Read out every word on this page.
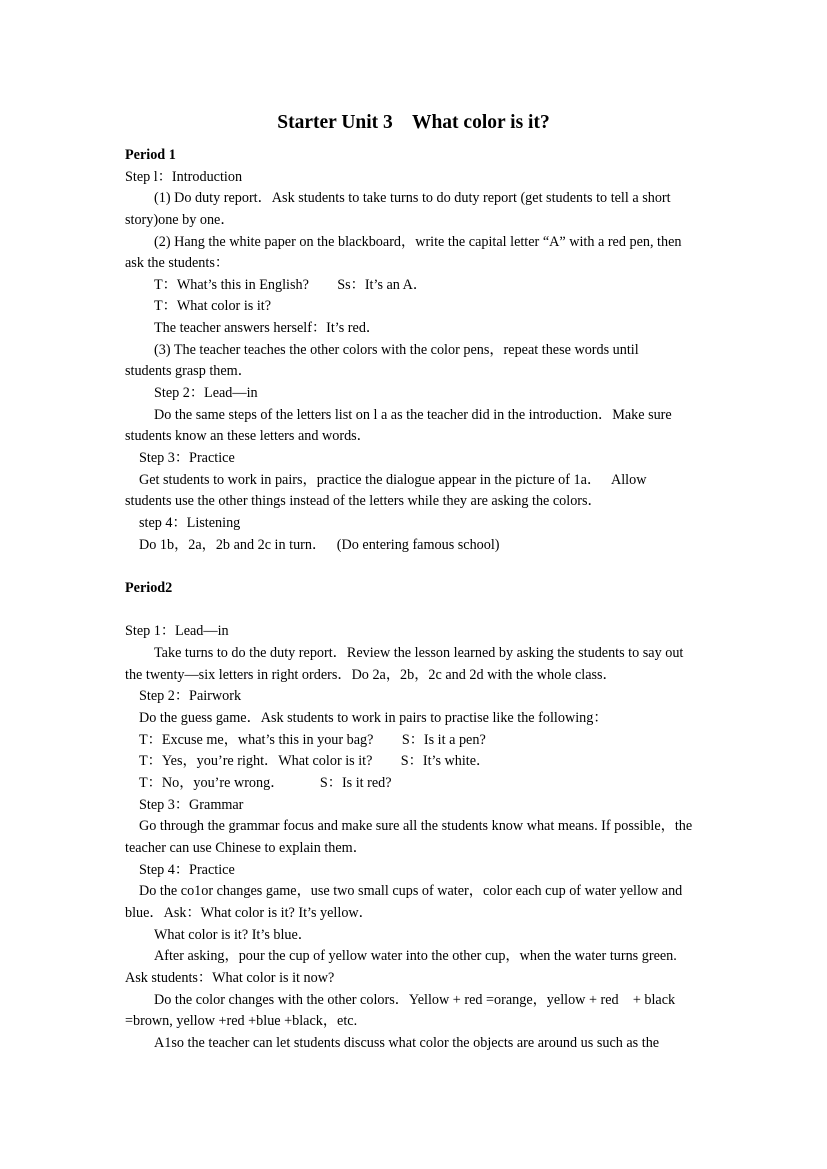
Starter Unit 3    What color is it?
Period 1
Step l：Introduction
(1) Do duty report．Ask students to take turns to do duty report (get students to tell a short
story)one by one．
(2) Hang the white paper on the blackboard，write the capital letter “A” with a red pen, then
ask the students：
T：What’s this in English?        Ss：It’s an A．
T：What color is it?
The teacher answers herself：It’s red．
(3) The teacher teaches the other colors with the color pens，repeat these words until
students grasp them．
Step 2：Lead—in
Do the same steps of the letters list on l a as the teacher did in the introduction．Make sure
students know an these letters and words．
Step 3：Practice
Get students to work in pairs，practice the dialogue appear in the picture of 1a．   Allow
students use the other things instead of the letters while they are asking the colors．
step 4：Listening
Do 1b，2a，2b and 2c in turn．   (Do entering famous school)
Period2
Step 1：Lead—in
Take turns to do the duty report．Review the lesson learned by asking the students to say out
the twenty—six letters in right orders．Do 2a，2b，2c and 2d with the whole class．
Step 2：Pairwork
Do the guess game．Ask students to work in pairs to practise like the following：
T：Excuse me，what’s this in your bag?        S：Is it a pen?
T：Yes，you’re right．What color is it?        S：It’s white．
T：No，you’re wrong．          S：Is it red?
Step 3：Grammar
Go through the grammar focus and make sure all the students know what means. If possible，the
teacher can use Chinese to explain them．
Step 4：Practice
Do the co1or changes game，use two small cups of water，color each cup of water yellow and
blue．Ask：What color is it? It’s yellow．
What color is it? It’s blue．
After asking，pour the cup of yellow water into the other cup，when the water turns green.
Ask students：What color is it now?
Do the color changes with the other colors．Yellow + red =orange，yellow + red    + black
=brown, yellow +red +blue +black，etc.
A1so the teacher can let students discuss what color the objects are around us such as the
